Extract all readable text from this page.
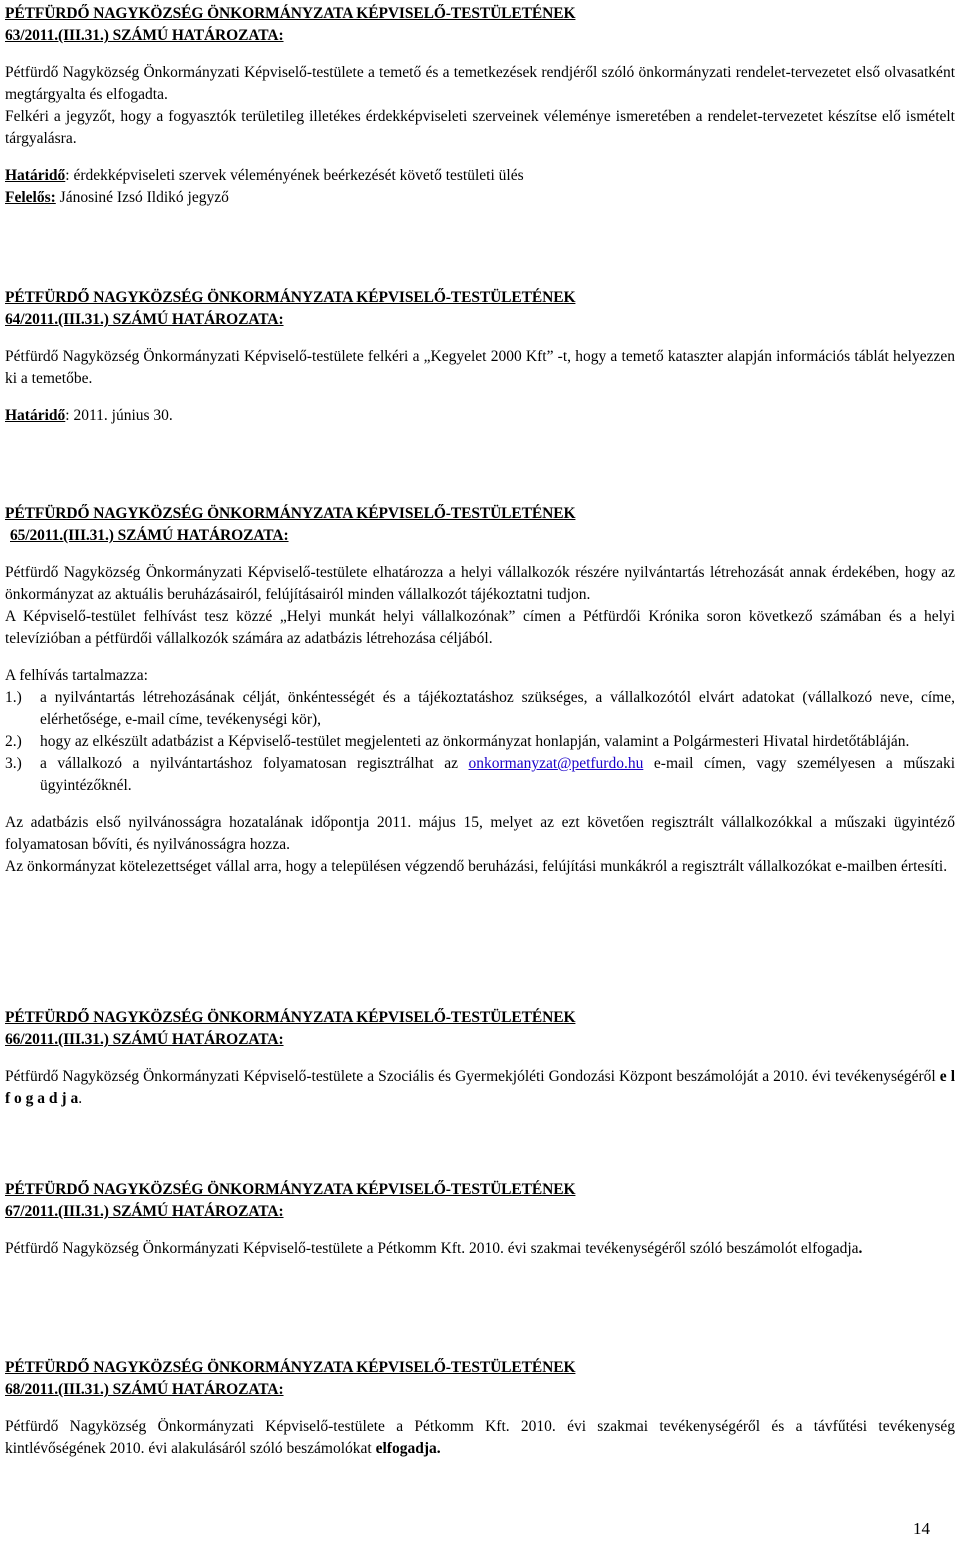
PÉTFÜRDŐ NAGYKÖZSÉG ÖNKORMÁNYZATA KÉPVISELŐ-TESTÜLETÉNEK
63/2011.(III.31.) SZÁMÚ HATÁROZATA:

Pétfürdő Nagyközség Önkormányzati Képviselő-testülete a temető és a temetkezések rendjéről szóló önkormányzati rendelet-tervezetet első olvasatként megtárgyalta és elfogadta.

Felkéri a jegyzőt, hogy a fogyasztók területileg illetékes érdekképviseleti szerveinek véleménye ismeretében a rendelet-tervezetet készítse elő ismételt tárgyalásra.

Határidő: érdekképviseleti szervek véleményének beérkezését követő testületi ülés

Felelős: Jánosiné Izsó Ildikó jegyző

PÉTFÜRDŐ NAGYKÖZSÉG ÖNKORMÁNYZATA KÉPVISELŐ-TESTÜLETÉNEK
64/2011.(III.31.) SZÁMÚ HATÁROZATA:

Pétfürdő Nagyközség Önkormányzati Képviselő-testülete felkéri a „Kegyelet 2000 Kft” -t, hogy a temető kataszter alapján információs táblát helyezzen ki a temetőbe.

Határidő: 2011. június 30.

PÉTFÜRDŐ NAGYKÖZSÉG ÖNKORMÁNYZATA KÉPVISELŐ-TESTÜLETÉNEK
65/2011.(III.31.) SZÁMÚ HATÁROZATA:

Pétfürdő Nagyközség Önkormányzati Képviselő-testülete elhatározza a helyi vállalkozók részére nyilvántartás létrehozását annak érdekében, hogy az önkormányzat az aktuális beruházásairól, felújításairól minden vállalkozót tájékoztatni tudjon.

A Képviselő-testület felhívást tesz közzé „Helyi munkát helyi vállalkozónak” címen a Pétfürdői Krónika soron következő számában és a helyi televízióban a pétfürdői vállalkozók számára az adatbázis létrehozása céljából.

A felhívás tartalmazza:

1.)	a nyilvántartás létrehozásának célját, önkéntességét és a tájékoztatáshoz szükséges, a vállalkozótól elvárt adatokat (vállalkozó neve, címe, elérhetősége, e-mail címe, tevékenységi kör),
2.)	hogy az elkészült adatbázist a Képviselő-testület megjelenteti az önkormányzat honlapján, valamint a Polgármesteri Hivatal hirdetőtábláján.
3.)	a vállalkozó a nyilvántartáshoz folyamatosan regisztrálhat az onkormanyzat@petfurdo.hu e-mail címen, vagy személyesen a műszaki ügyintézőknél.

Az adatbázis első nyilvánosságra hozatalának időpontja 2011. május 15, melyet az ezt követően regisztrált vállalkozókkal a műszaki ügyintéző folyamatosan bővíti, és nyilvánosságra hozza.

Az önkormányzat kötelezettséget vállal arra, hogy a településen végzendő beruházási, felújítási munkákról a regisztrált vállalkozókat e-mailben értesíti.

PÉTFÜRDŐ NAGYKÖZSÉG ÖNKORMÁNYZATA KÉPVISELŐ-TESTÜLETÉNEK
66/2011.(III.31.) SZÁMÚ HATÁROZATA:

Pétfürdő Nagyközség Önkormányzati Képviselő-testülete a Szociális és Gyermekjóléti Gondozási Központ beszámolóját a 2010. évi tevékenységéről e l f o g a d j a.

PÉTFÜRDŐ NAGYKÖZSÉG ÖNKORMÁNYZATA KÉPVISELŐ-TESTÜLETÉNEK
67/2011.(III.31.) SZÁMÚ HATÁROZATA:

Pétfürdő Nagyközség Önkormányzati Képviselő-testülete a Pétkomm Kft. 2010. évi szakmai tevékenységéről szóló beszámolót elfogadja.

PÉTFÜRDŐ NAGYKÖZSÉG ÖNKORMÁNYZATA KÉPVISELŐ-TESTÜLETÉNEK
68/2011.(III.31.) SZÁMÚ HATÁROZATA:

Pétfürdő Nagyközség Önkormányzati Képviselő-testülete a Pétkomm Kft. 2010. évi szakmai tevékenységéről és a távfűtési tevékenység kintlévőségének 2010. évi alakulásáról szóló beszámolókat elfogadja.

14
